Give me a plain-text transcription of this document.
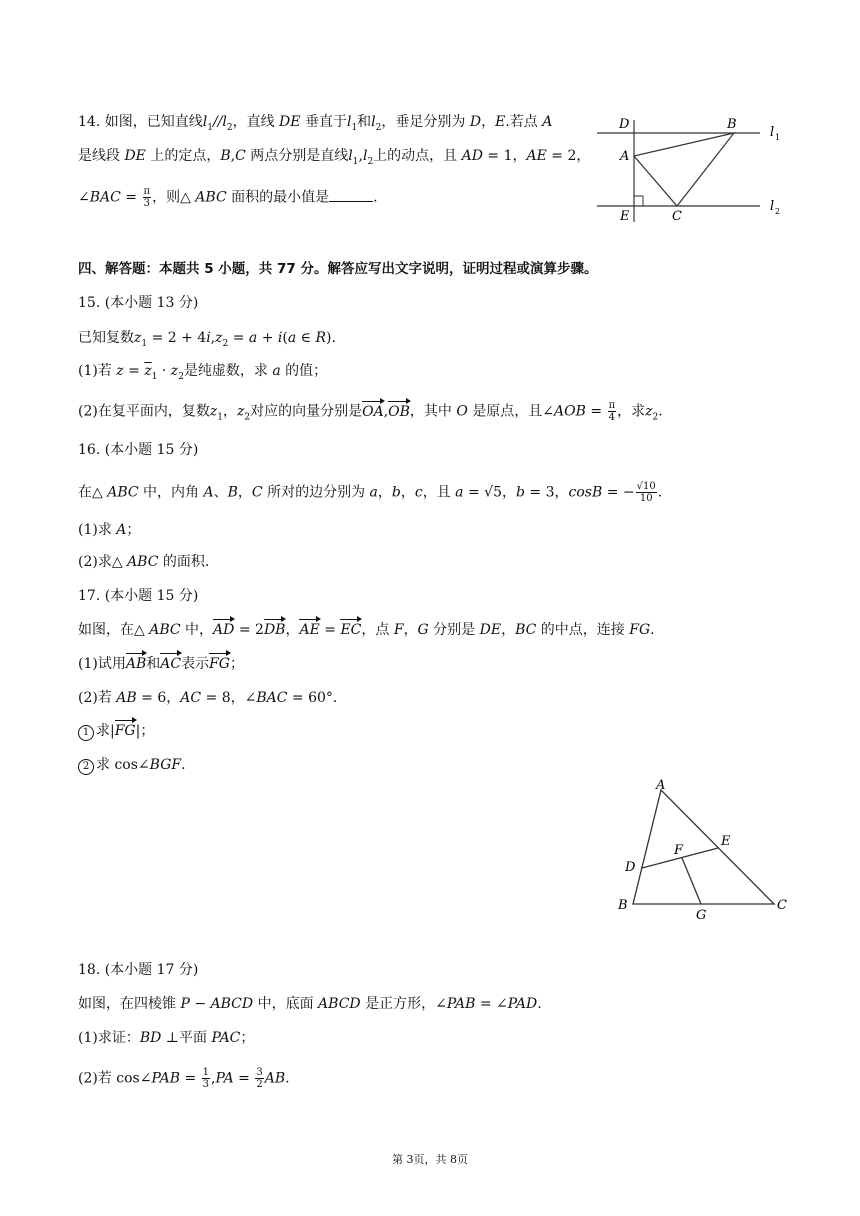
14. 如图，已知直线$l_1//l_2$，直线 DE 垂直于$l_1$和$l_2$，垂足分别为 D，E.若点 A
是线段 DE 上的定点，B,C 两点分别是直线$l_1,l_2$上的动点，且 AD = 1，AE = 2，
∠BAC = $\frac{\pi}{3}$ ，则△ ABC 面积的最小值是	.
D	B
A
E	C
l 1
l 2
四、解答题：本题共 5 小题，共 77 分。解答应写出文字说明，证明过程或演算步骤。
15. (本小题 13 分)
已知复数$z_1 = 2 + 4i,z_2 = a + i(a$ ∈ R).
(1)若 $z = \overline{z}_1 \cdot z_2$是纯虚数，求 a 的值；
(2)在复平面内，复数$z_1$，$z_2$对应的向量分别是OA,OB，其中 O 是原点，且∠AOB = $\frac{\pi}{4}$ ，求$z_2$.
16. (本小题 15 分)
在△ ABC 中，内角 A、B，C 所对的边分别为 a，b，c，且 a = √5，b = 3，cosB = − $\frac{√10}{10}$ .
(1)求 A；
(2)求△ ABC 的面积.
17. (本小题 15 分)
如图，在△ ABC 中，AD = 2DB，AE = EC，点 F，G 分别是 DE，BC 的中点，连接 FG.
(1)试用AB和AC表示FG；
(2)若 AB = 6，AC = 8，∠BAC = 60°.
1 求|FG|；
2 求 cos∠BGF.
A
E
F
D
B
G
C
18. (本小题 17 分)
如图，在四棱锥 P − ABCD 中，底面 ABCD 是正方形，∠PAB = ∠PAD.
(1)求证：BD ⊥平面 PAC；
(2)若 cos∠PAB = $\frac{1}{3} ,PA = \frac{3}{2}$ AB.
第 3页，共 8页
